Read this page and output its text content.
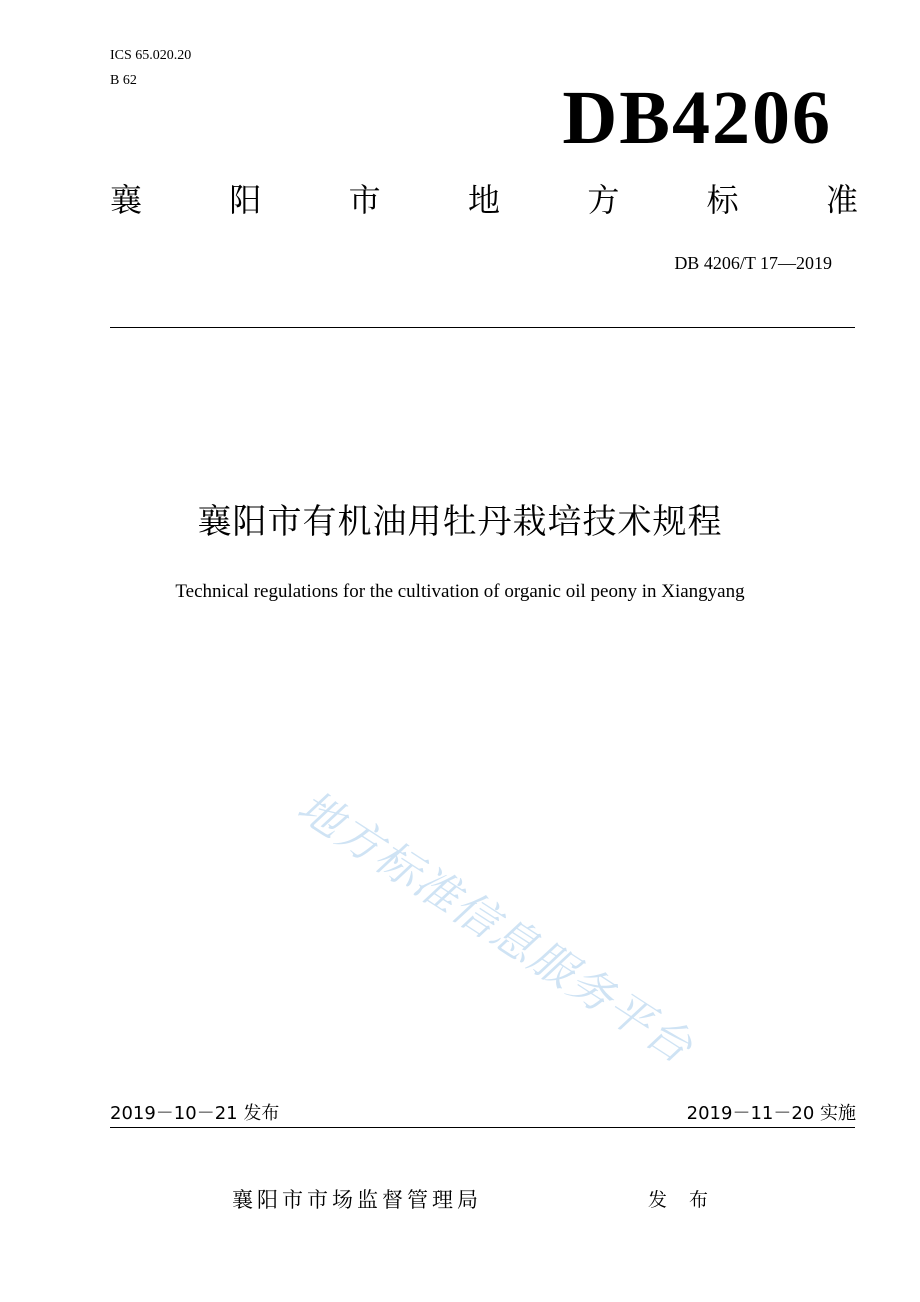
ICS 65.020.20
B 62	DB4206
襄	阳	市	地	方	标	准
DB 4206/T 17—2019
襄阳市有机油用牡丹栽培技术规程
Technical regulations for the cultivation of organic oil peony in Xiangyang
地方标准信息服务平台
2019－10－21 发布	2019－11－20 实施
襄阳市市场监督管理局	发 布
